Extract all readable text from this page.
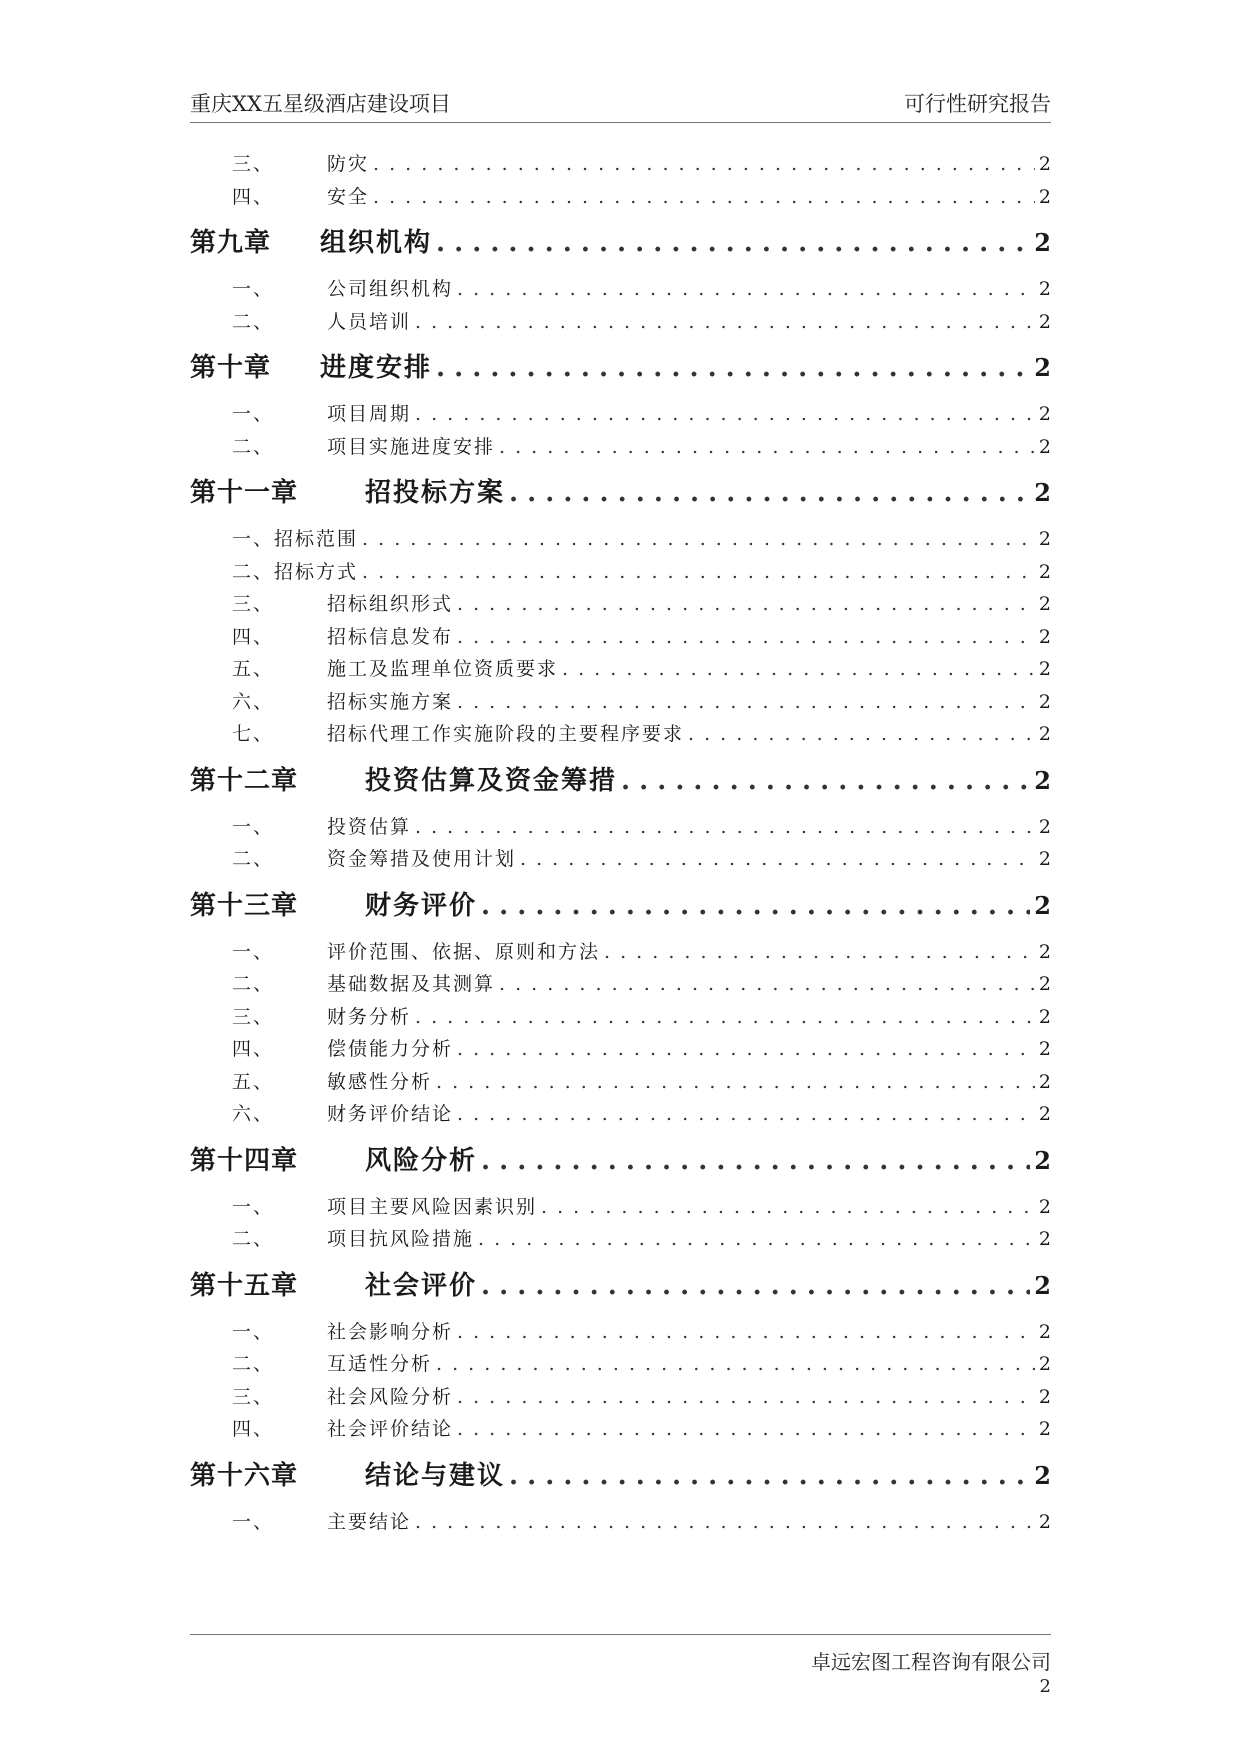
重庆XX五星级酒店建设项目	可行性研究报告
三、	防灾 . . .	2
四、	安全 . . .	2
第九章	组织机构 . . .	2
一、	公司组织机构 . . .	2
二、	人员培训 . . .	2
第十章	进度安排 . . .	2
一、	项目周期 . . .	2
二、	项目实施进度安排 . . .	2
第十一章	招投标方案 . . .	2
一、 招标范围 . . .	2
二、 招标方式 . . .	2
三、	招标组织形式 . . .	2
四、	招标信息发布 . . .	2
五、	施工及监理单位资质要求 . . .	2
六、	招标实施方案 . . .	2
七、	招标代理工作实施阶段的主要程序要求 . . .	2
第十二章	投资估算及资金筹措 . . .	2
一、	投资估算 . . .	2
二、	资金筹措及使用计划 . . .	2
第十三章	财务评价 . . .	2
一、	评价范围、依据、原则和方法 . . .	2
二、	基础数据及其测算 . . .	2
三、	财务分析 . . .	2
四、	偿债能力分析 . . .	2
五、	敏感性分析 . . .	2
六、	财务评价结论 . . .	2
第十四章	风险分析 . . .	2
一、	项目主要风险因素识别 . . .	2
二、	项目抗风险措施 . . .	2
第十五章	社会评价 . . .	2
一、	社会影响分析 . . .	2
二、	互适性分析 . . .	2
三、	社会风险分析 . . .	2
四、	社会评价结论 . . .	2
第十六章	结论与建议 . . .	2
一、	主要结论 . . .	2
卓远宏图工程咨询有限公司
2
